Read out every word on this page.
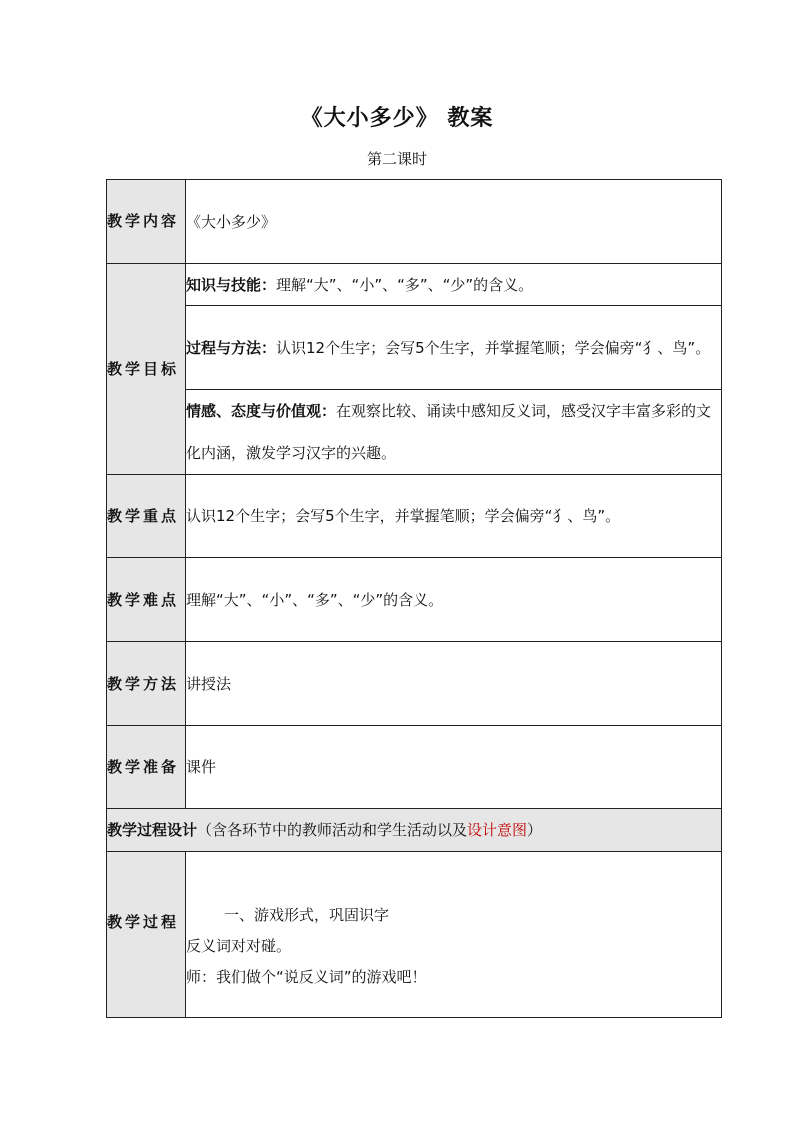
《大小多少》 教案
第二课时
教学内容	《大小多少》
教学目标	知识与技能：理解“大”、“小”、“多”、“少”的含义。
	过程与方法：认识12个生字；会写5个生字，并掌握笔顺；学会偏旁“犭、鸟”。
	情感、态度与价值观：在观察比较、诵读中感知反义词，感受汉字丰富多彩的文化内涵，激发学习汉字的兴趣。
教学重点	认识12个生字；会写5个生字，并掌握笔顺；学会偏旁“犭、鸟”。
教学难点	理解“大”、“小”、“多”、“少”的含义。
教学方法	讲授法
教学准备	课件
教学过程设计（含各环节中的教师活动和学生活动以及设计意图）	
教学过程	一、游戏形式，巩固识字

反义词对对碰。

师：我们做个“说反义词”的游戏吧！
